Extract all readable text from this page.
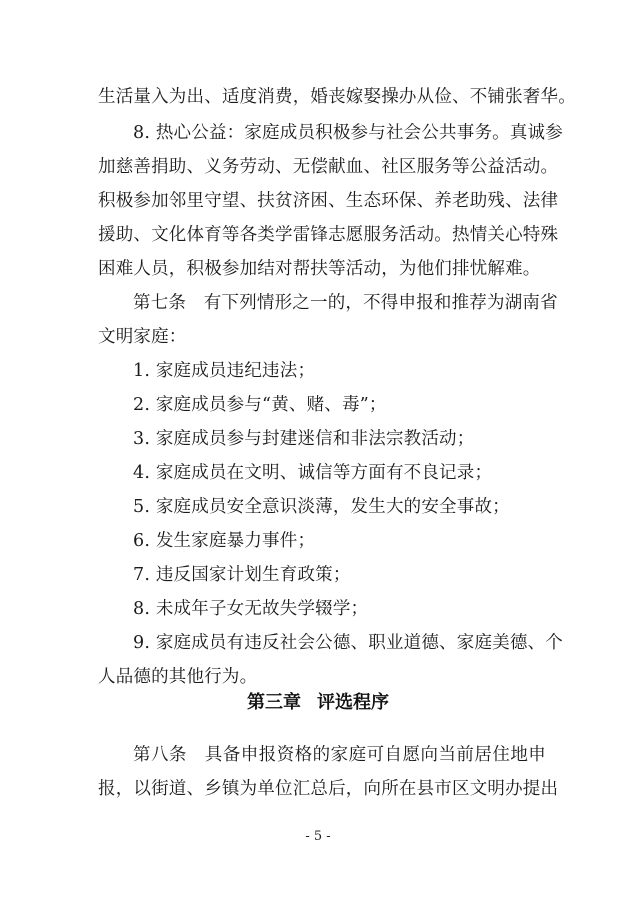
生活量入为出、适度消费，婚丧嫁娶操办从俭、不铺张奢华。
8. 热心公益：家庭成员积极参与社会公共事务。真诚参
加慈善捐助、义务劳动、无偿献血、社区服务等公益活动。
积极参加邻里守望、扶贫济困、生态环保、养老助残、法律
援助、文化体育等各类学雷锋志愿服务活动。热情关心特殊
困难人员，积极参加结对帮扶等活动，为他们排忧解难。
第七条　有下列情形之一的，不得申报和推荐为湖南省
文明家庭：
1. 家庭成员违纪违法；
2. 家庭成员参与“黄、赌、毒”；
3. 家庭成员参与封建迷信和非法宗教活动；
4. 家庭成员在文明、诚信等方面有不良记录；
5. 家庭成员安全意识淡薄，发生大的安全事故；
6. 发生家庭暴力事件；
7. 违反国家计划生育政策；
8. 未成年子女无故失学辍学；
9. 家庭成员有违反社会公德、职业道德、家庭美德、个
人品德的其他行为。
第三章 评选程序
第八条　具备申报资格的家庭可自愿向当前居住地申
报，以街道、乡镇为单位汇总后，向所在县市区文明办提出
- 5 -
